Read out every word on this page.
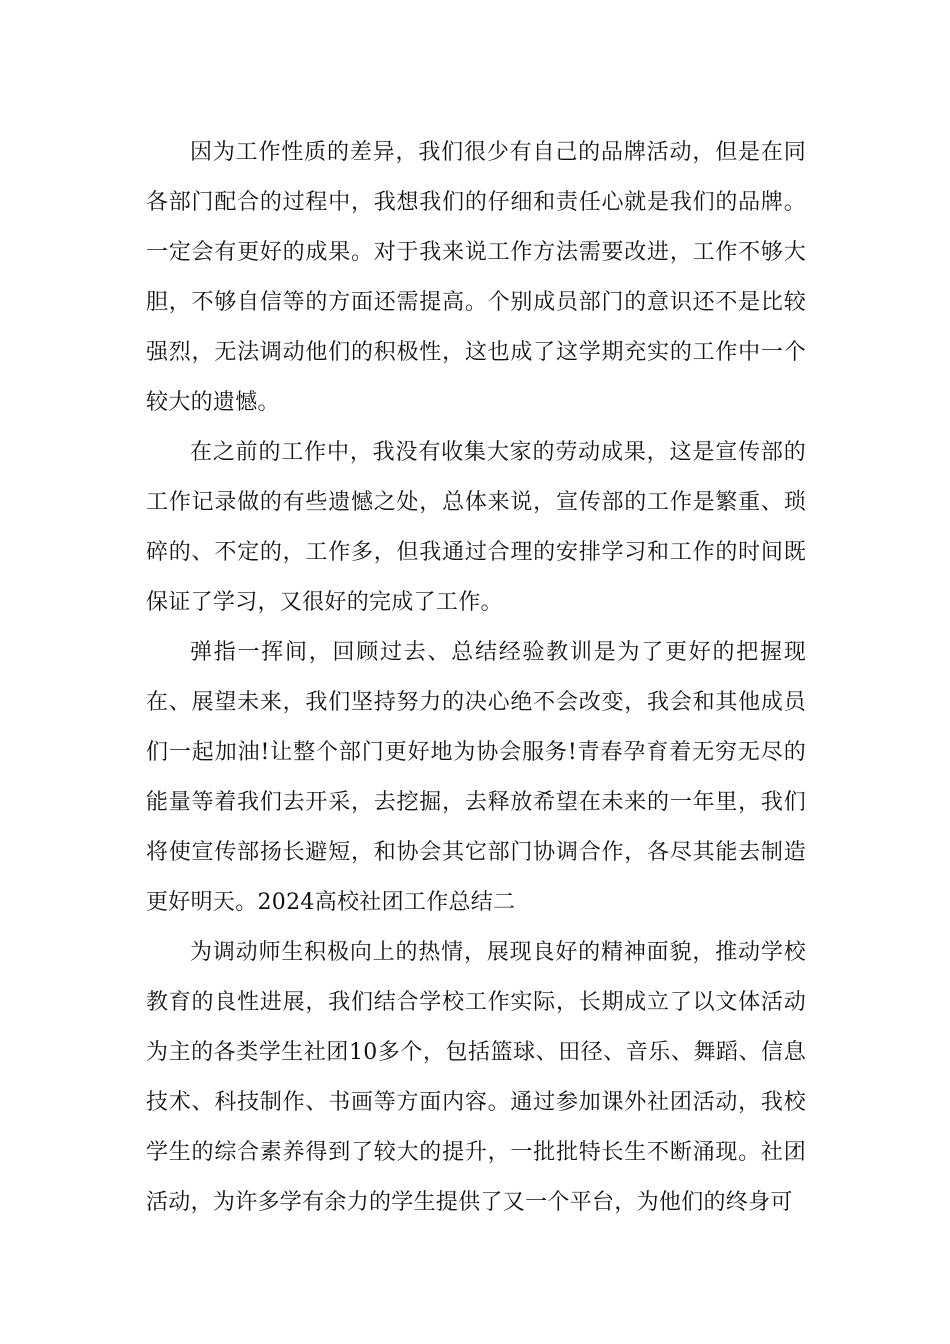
因为工作性质的差异，我们很少有自己的品牌活动，但是在同各部门配合的过程中，我想我们的仔细和责任心就是我们的品牌。一定会有更好的成果。对于我来说工作方法需要改进，工作不够大胆，不够自信等的方面还需提高。个别成员部门的意识还不是比较强烈，无法调动他们的积极性，这也成了这学期充实的工作中一个较大的遗憾。

在之前的工作中，我没有收集大家的劳动成果，这是宣传部的工作记录做的有些遗憾之处，总体来说，宣传部的工作是繁重、琐碎的、不定的，工作多，但我通过合理的安排学习和工作的时间既保证了学习，又很好的完成了工作。

弹指一挥间，回顾过去、总结经验教训是为了更好的把握现在、展望未来，我们坚持努力的决心绝不会改变，我会和其他成员们一起加油!让整个部门更好地为协会服务!青春孕育着无穷无尽的能量等着我们去开采，去挖掘，去释放希望在未来的一年里，我们将使宣传部扬长避短，和协会其它部门协调合作，各尽其能去制造更好明天。2024高校社团工作总结二

为调动师生积极向上的热情，展现良好的精神面貌，推动学校教育的良性进展，我们结合学校工作实际，长期成立了以文体活动为主的各类学生社团10多个，包括篮球、田径、音乐、舞蹈、信息技术、科技制作、书画等方面内容。通过参加课外社团活动，我校学生的综合素养得到了较大的提升，一批批特长生不断涌现。社团活动，为许多学有余力的学生提供了又一个平台，为他们的终身可
